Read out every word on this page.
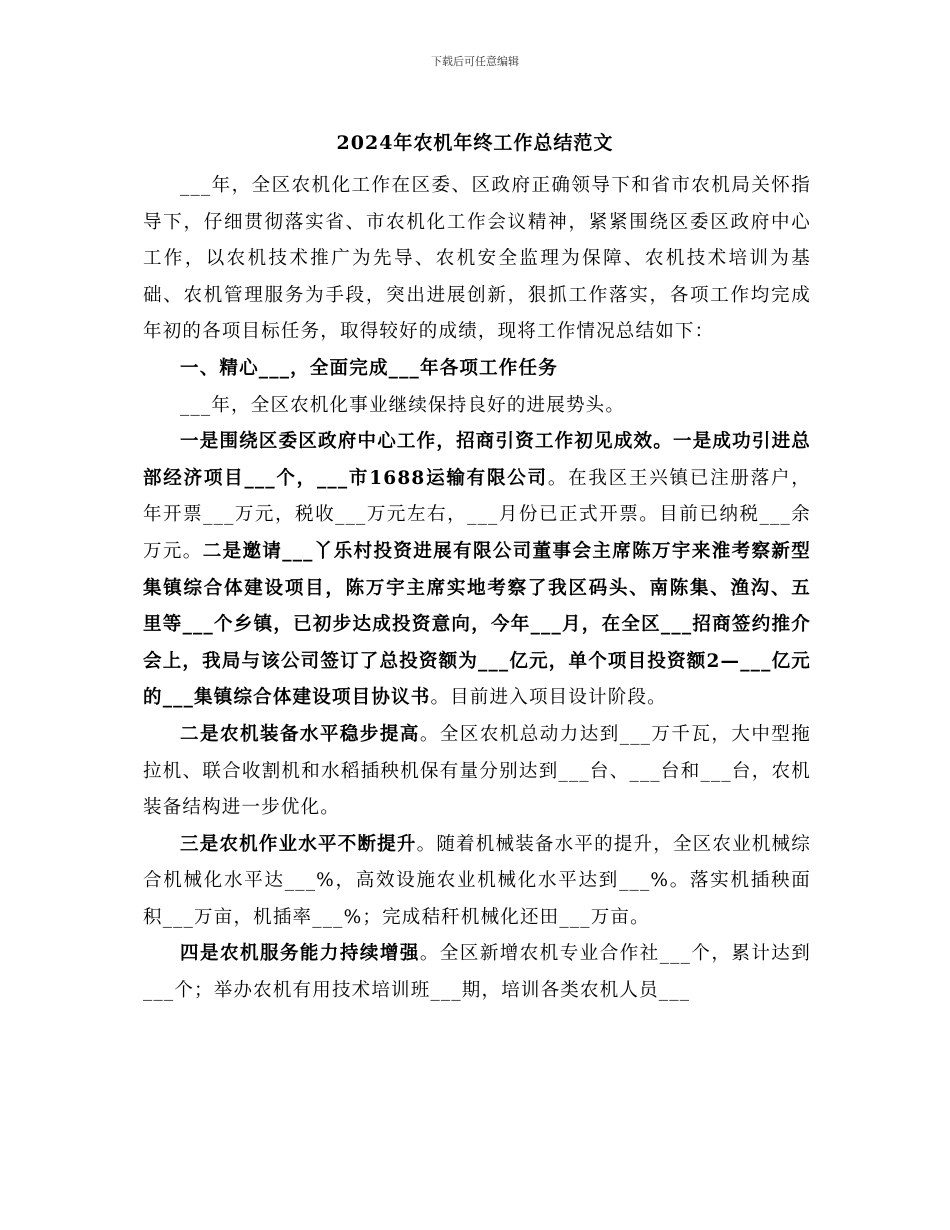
下载后可任意编辑
2024年农机年终工作总结范文

___年，全区农机化工作在区委、区政府正确领导下和省市农机局关怀指导下，仔细贯彻落实省、市农机化工作会议精神，紧紧围绕区委区政府中心工作，以农机技术推广为先导、农机安全监理为保障、农机技术培训为基础、农机管理服务为手段，突出进展创新，狠抓工作落实，各项工作均完成年初的各项目标任务，取得较好的成绩，现将工作情况总结如下：

一、精心___，全面完成___年各项工作任务

___年，全区农机化事业继续保持良好的进展势头。

一是围绕区委区政府中心工作，招商引资工作初见成效。一是成功引进总部经济项目___个，___市1688运输有限公司。在我区王兴镇已注册落户，年开票___万元，税收___万元左右，___月份已正式开票。目前已纳税___余万元。二是邀请___丫乐村投资进展有限公司董事会主席陈万宇来淮考察新型集镇综合体建设项目，陈万宇主席实地考察了我区码头、南陈集、渔沟、五里等___个乡镇，已初步达成投资意向，今年___月，在全区___招商签约推介会上，我局与该公司签订了总投资额为___亿元，单个项目投资额2—___亿元的___集镇综合体建设项目协议书。目前进入项目设计阶段。

二是农机装备水平稳步提高。全区农机总动力达到___万千瓦，大中型拖拉机、联合收割机和水稻插秧机保有量分别达到___台、___台和___台，农机装备结构进一步优化。

三是农机作业水平不断提升。随着机械装备水平的提升，全区农业机械综合机械化水平达___%，高效设施农业机械化水平达到___%。落实机插秧面积___万亩，机插率___%；完成秸秆机械化还田___万亩。

四是农机服务能力持续增强。全区新增农机专业合作社___个，累计达到___个；举办农机有用技术培训班___期，培训各类农机人员___
